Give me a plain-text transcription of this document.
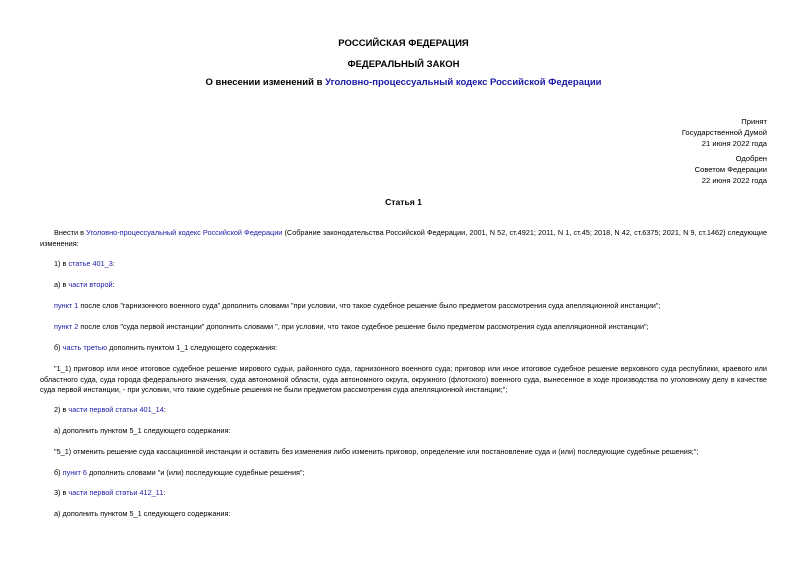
РОССИЙСКАЯ ФЕДЕРАЦИЯ
ФЕДЕРАЛЬНЫЙ ЗАКОН
О внесении изменений в Уголовно-процессуальный кодекс Российской Федерации
Принят
Государственной Думой
21 июня 2022 года
Одобрен
Советом Федерации
22 июня 2022 года
Статья 1
Внести в Уголовно-процессуальный кодекс Российской Федерации (Собрание законодательства Российской Федерации, 2001, N 52, ст.4921; 2011, N 1, ст.45; 2018, N 42, ст.6375; 2021, N 9, ст.1462) следующие изменения:
1) в статье 401_3:
а) в части второй:
пункт 1 после слов "гарнизонного военного суда" дополнить словами "при условии, что такое судебное решение было предметом рассмотрения суда апелляционной инстанции";
пункт 2 после слов "суда первой инстанции" дополнить словами ", при условии, что такое судебное решение было предметом рассмотрения суда апелляционной инстанции";
б) часть третью дополнить пунктом 1_1 следующего содержания:
"1_1) приговор или иное итоговое судебное решение мирового судьи, районного суда, гарнизонного военного суда; приговор или иное итоговое судебное решение верховного суда республики, краевого или областного суда, суда города федерального значения, суда автономной области, суда автономного округа, окружного (флотского) военного суда, вынесенное в ходе производства по уголовному делу в качестве суда первой инстанции, - при условии, что такие судебные решения не были предметом рассмотрения суда апелляционной инстанции;";
2) в части первой статьи 401_14:
а) дополнить пунктом 5_1 следующего содержания:
"5_1) отменить решение суда кассационной инстанции и оставить без изменения либо изменить приговор, определение или постановление суда и (или) последующие судебные решения;";
б) пункт 6 дополнить словами "и (или) последующие судебные решения";
3) в части первой статьи 412_11:
а) дополнить пунктом 5_1 следующего содержания:
